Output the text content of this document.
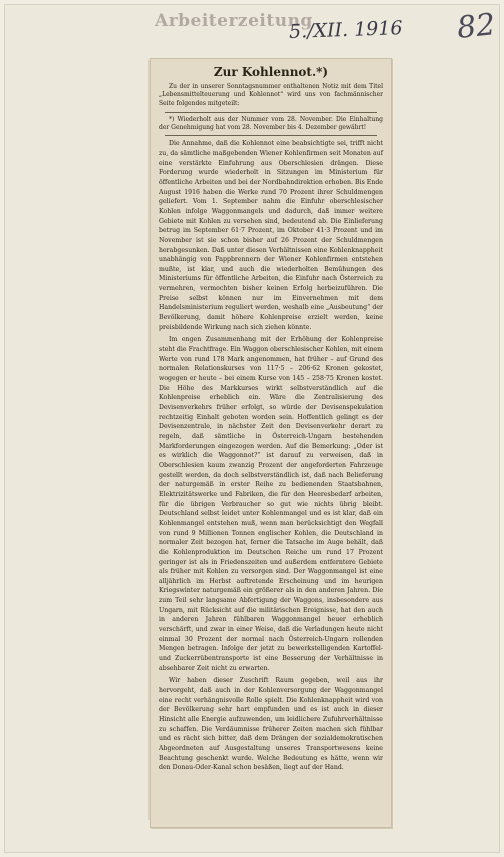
Arbeiterzeitung
5./XII. 1916 82
Zur Kohlennot.*)

Zu der in unserer Sonntagsnummer enthaltenen Notiz mit dem Titel „Lebensmittelteuerung und Kohlennot“ wird uns von fachmännischer Seite folgendes mitgeteilt:

*) Wiederholt aus der Nummer vom 28. November. Die Einhaltung der Genehmigung hat vom 28. November bis 4. Dezember gewährt!

Die Annahme, daß die Kohlennot eine beabsichtigte sei, trifft nicht zu, da sämtliche maßgebenden Wiener Kohlenfirmen seit Monaten auf eine verstärkte Einfuhrung aus Oberschlesien drängen. Diese Forderung wurde wiederholt in Sitzungen im Ministerium für öffentliche Arbeiten und bei der Nordbahndirektion erhoben. Bis Ende August 1916 haben die Werke rund 70 Prozent ihrer Schuldmengen geliefert. Vom 1. September nahm die Einfuhr oberschlesischer Kohlen infolge Waggonmangels und dadurch, daß immer weitere Gebiete mit Kohlen zu versehen sind, bedeutend ab. Die Einlieferung betrug im September 61·7 Prozent, im Oktober 41·3 Prozent und im November ist sie schon bisher auf 26 Prozent der Schuldmengen herabgesunken. Daß unter diesen Verhältnissen eine Kohlenknappheit unabhängig von Pappbrennern der Wiener Kohlenfirmen entstehen mußte, ist klar, und auch die wiederholten Bemühungen des Ministeriums für öffentliche Arbeiten, die Einfuhr nach Österreich zu vermehren, vermochten bisher keinen Erfolg herbeizuführen. Die Preise selbst können nur im Einvernehmen mit dem Handelsministerium reguliert werden, weshalb eine „Ausbeutung“ der Bevölkerung, damit höhere Kohlenpreise erzielt werden, keine preisbildende Wirkung nach sich ziehen könnte.

Im engen Zusammenhang mit der Erhöhung der Kohlenpreise steht die Frachtfrage. Ein Waggon oberschlesischer Kohlen, mit einem Werte von rund 178 Mark angenommen, hat früher – auf Grund des normalen Relationskurses von 117·5 – 206·62 Kronen gekostet, wogegen er heute – bei einem Kurse von 145 – 258·75 Kronen kostet. Die Höhe des Markkurses wirkt selbstverständlich auf die Kohlenpreise erheblich ein. Wäre die Zentralisierung des Devisenverkehrs früher erfolgt, so würde der Devisenspekulation rechtzeitig Einhalt geboten worden sein. Hoffentlich gelingt es der Devisenzentrale, in nächster Zeit den Devisenverkehr derart zu regeln, daß sämtliche in Österreich-Ungarn bestehenden Markforderungen eingezogen werden. Auf die Bemerkung: „Oder ist es wirklich die Waggonnot?“ ist darauf zu verweisen, daß in Oberschlesien kaum zwanzig Prozent der angeforderten Fahrzeuge gestellt werden, da doch selbstverständlich ist, daß nach Belieferung der naturgemäß in erster Reihe zu bedienenden Staatsbahnen, Elektrizitätswerke und Fabriken, die für den Heeresbedarf arbeiten, für die übrigen Verbraucher so gut wie nichts übrig bleibt. Deutschland selbst leidet unter Kohlenmangel und es ist klar, daß ein Kohlenmangel entstehen muß, wenn man berücksichtigt den Wegfall von rund 9 Millionen Tonnen englischer Kohlen, die Deutschland in normaler Zeit bezogen hat, ferner die Tatsache im Auge behält, daß die Kohlenproduktion im Deutschen Reiche um rund 17 Prozent geringer ist als in Friedenszeiten und außerdem entferntere Gebiete als früher mit Kohlen zu versorgen sind. Der Waggonmangel ist eine alljährlich im Herbst auftretende Erscheinung und im heurigen Kriegswinter naturgemäß ein größerer als in den anderen Jahren. Die zum Teil sehr langsame Abfertigung der Waggons, insbesondere aus Ungarn, mit Rücksicht auf die militärischen Ereignisse, hat den auch in anderen Jahren fühlbaren Waggonmangel heuer erheblich verschärft, und zwar in einer Weise, daß die Verladungen heute nicht einmal 30 Prozent der normal nach Österreich-Ungarn rollenden Mengen betragen. Infolge der jetzt zu bewerkstelligenden Kartoffel- und Zuckerrübentransporte ist eine Besserung der Verhältnisse in absehbarer Zeit nicht zu erwarten.

Wir haben dieser Zuschrift Raum gegeben, weil aus ihr hervorgeht, daß auch in der Kohlenversorgung der Waggonmangel eine recht verhängnisvolle Rolle spielt. Die Kohlenknappheit wird von der Bevölkerung sehr hart empfunden und es ist auch in dieser Hinsicht alle Energie aufzuwenden, um leidlichere Zufuhrverhältnisse zu schaffen. Die Verdäumnisse früherer Zeiten machen sich fühlbar und es rächt sich bitter, daß dem Drängen der sozialdemokratischen Abgeordneten auf Ausgestaltung unseres Transportwesens keine Beachtung geschenkt wurde. Welche Bedeutung es hätte, wenn wir den Donau-Oder-Kanal schon besäßen, liegt auf der Hand.
